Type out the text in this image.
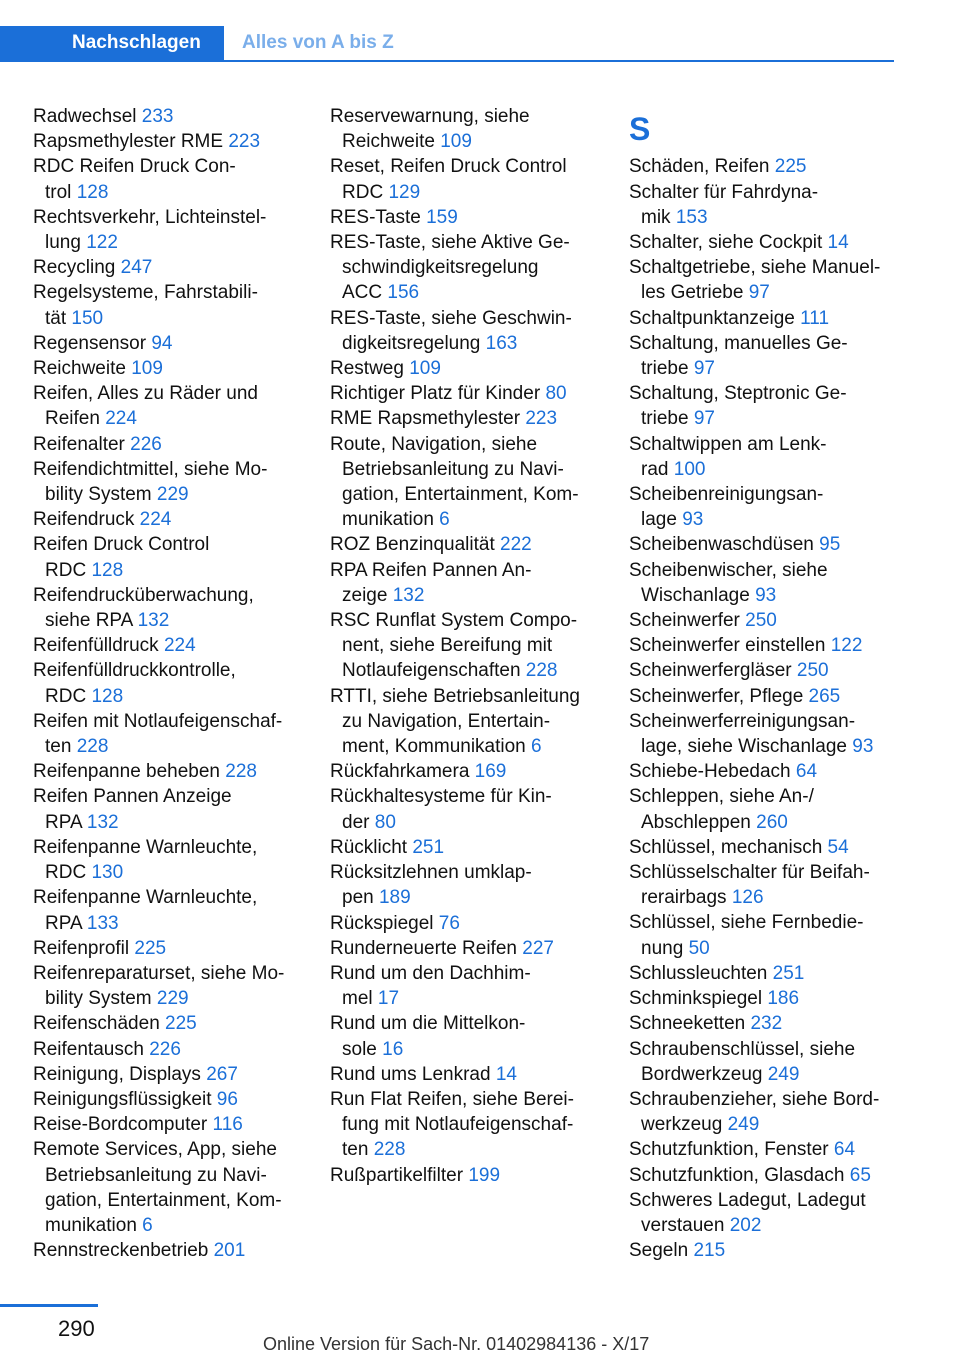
Nachschlagen Alles von A bis Z
Radwechsel 233
Rapsmethylester RME 223
RDC Reifen Druck Con-
trol 128
Rechtsverkehr, Lichteinstel-
lung 122
Recycling 247
Regelsysteme, Fahrstabili-
tät 150
Regensensor 94
Reichweite 109
Reifen, Alles zu Räder und
Reifen 224
Reifenalter 226
Reifendichtmittel, siehe Mo-
bility System 229
Reifendruck 224
Reifen Druck Control
RDC 128
Reifendrucküberwachung,
siehe RPA 132
Reifenfülldruck 224
Reifenfülldruckkontrolle,
RDC 128
Reifen mit Notlaufeigenschaf-
ten 228
Reifenpanne beheben 228
Reifen Pannen Anzeige
RPA 132
Reifenpanne Warnleuchte,
RDC 130
Reifenpanne Warnleuchte,
RPA 133
Reifenprofil 225
Reifenreparaturset, siehe Mo-
bility System 229
Reifenschäden 225
Reifentausch 226
Reinigung, Displays 267
Reinigungsflüssigkeit 96
Reise-Bordcomputer 116
Remote Services, App, siehe
Betriebsanleitung zu Navi-
gation, Entertainment, Kom-
munikation 6
Rennstreckenbetrieb 201
Reservewarnung, siehe
Reichweite 109
Reset, Reifen Druck Control
RDC 129
RES-Taste 159
RES-Taste, siehe Aktive Ge-
schwindigkeitsregelung
ACC 156
RES-Taste, siehe Geschwin-
digkeitsregelung 163
Restweg 109
Richtiger Platz für Kinder 80
RME Rapsmethylester 223
Route, Navigation, siehe
Betriebsanleitung zu Navi-
gation, Entertainment, Kom-
munikation 6
ROZ Benzinqualität 222
RPA Reifen Pannen An-
zeige 132
RSC Runflat System Compo-
nent, siehe Bereifung mit
Notlaufeigenschaften 228
RTTI, siehe Betriebsanleitung
zu Navigation, Entertain-
ment, Kommunikation 6
Rückfahrkamera 169
Rückhaltesysteme für Kin-
der 80
Rücklicht 251
Rücksitzlehnen umklap-
pen 189
Rückspiegel 76
Runderneuerte Reifen 227
Rund um den Dachhim-
mel 17
Rund um die Mittelkon-
sole 16
Rund ums Lenkrad 14
Run Flat Reifen, siehe Berei-
fung mit Notlaufeigenschaf-
ten 228
Rußpartikelfilter 199
S
Schäden, Reifen 225
Schalter für Fahrdyna-
mik 153
Schalter, siehe Cockpit 14
Schaltgetriebe, siehe Manuel-
les Getriebe 97
Schaltpunktanzeige 111
Schaltung, manuelles Ge-
triebe 97
Schaltung, Steptronic Ge-
triebe 97
Schaltwippen am Lenk-
rad 100
Scheibenreinigungsan-
lage 93
Scheibenwaschdüsen 95
Scheibenwischer, siehe
Wischanlage 93
Scheinwerfer 250
Scheinwerfer einstellen 122
Scheinwerfergläser 250
Scheinwerfer, Pflege 265
Scheinwerferreinigungsan-
lage, siehe Wischanlage 93
Schiebe-Hebedach 64
Schleppen, siehe An-/
Abschleppen 260
Schlüssel, mechanisch 54
Schlüsselschalter für Beifah-
rerairbags 126
Schlüssel, siehe Fernbedie-
nung 50
Schlussleuchten 251
Schminkspiegel 186
Schneeketten 232
Schraubenschlüssel, siehe
Bordwerkzeug 249
Schraubenzieher, siehe Bord-
werkzeug 249
Schutzfunktion, Fenster 64
Schutzfunktion, Glasdach 65
Schweres Ladegut, Ladegut
verstauen 202
Segeln 215
290
Online Version für Sach-Nr. 01402984136 - X/17
